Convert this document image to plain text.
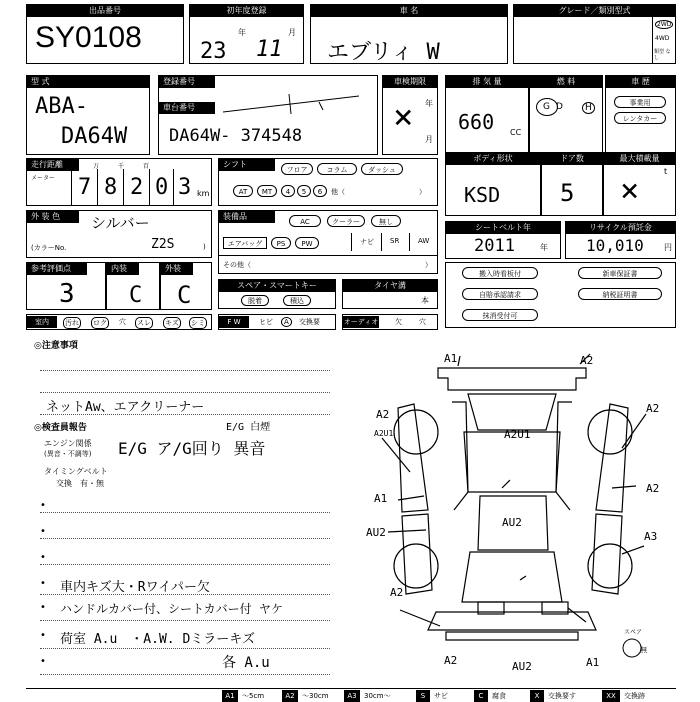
出品番号
SY0108
初年度登録
年	月
23 11
車 名
エブリィ W
グレード／類別型式
2WD
4WD
類型 なし
型 式
ABA-
DA64W
登録番号
車台番号
DA64W- 374548
車検期限
年
月
×
排 気 量
660 CC
燃 料
G D	H
車 歴
事業用
レンタカー
走行距離
メーター
万	千	百
7 8 2 0 3 km
シフト
フロア	コラム	ダッシュ
AT	MT	4	5	6	他（	）
ボディ形状
KSD
ドア数
5
最大積載量
t
×
外 装 色	シルバー
(カラーNo.	Z2S	)
装備品
AC	クーラー	無し
エアバッグ	PS	PW	ナビ SR	AW
その他（	）
シートベルト年
2011	年
リサイクル預託金
10,010	円
参考評価点
3
内装
C
外装
C	スペア・スマートキー
脱着	積込
タイヤ溝
本
搬入時看板付
自賠承認請求
抹消受付可
新車保証書
納税証明書
室内	汚れ ロク 穴 スレ キズ シミ	F W	ヒビ	A	交換要	オーディオ 欠 穴
◎注意事項
ネットAw、エアクリーナー
◎検査員報告
エンジン関係
(異音・不調等)
E/G 白煙
E/G ア/G回り 異音
タイミングベルト
交換　有・無
•
•
•
• 車内キズ大・Rワイパー欠
• ハンドルカバー付、シートカバー付 ヤケ
• 荷室 A.u　・A.W. Dミラーキズ
•	各 A.u
A1	A2
A2	A2
A2U1	A2U1
A1
A2
AU2
AU2
A3
A2
A2	AU2	A1
スペア
無
A1	～5cm	A2	～30cm	A3	30cm～	S	サビ	C	腐食	X	交換要す	XX	交換跡
